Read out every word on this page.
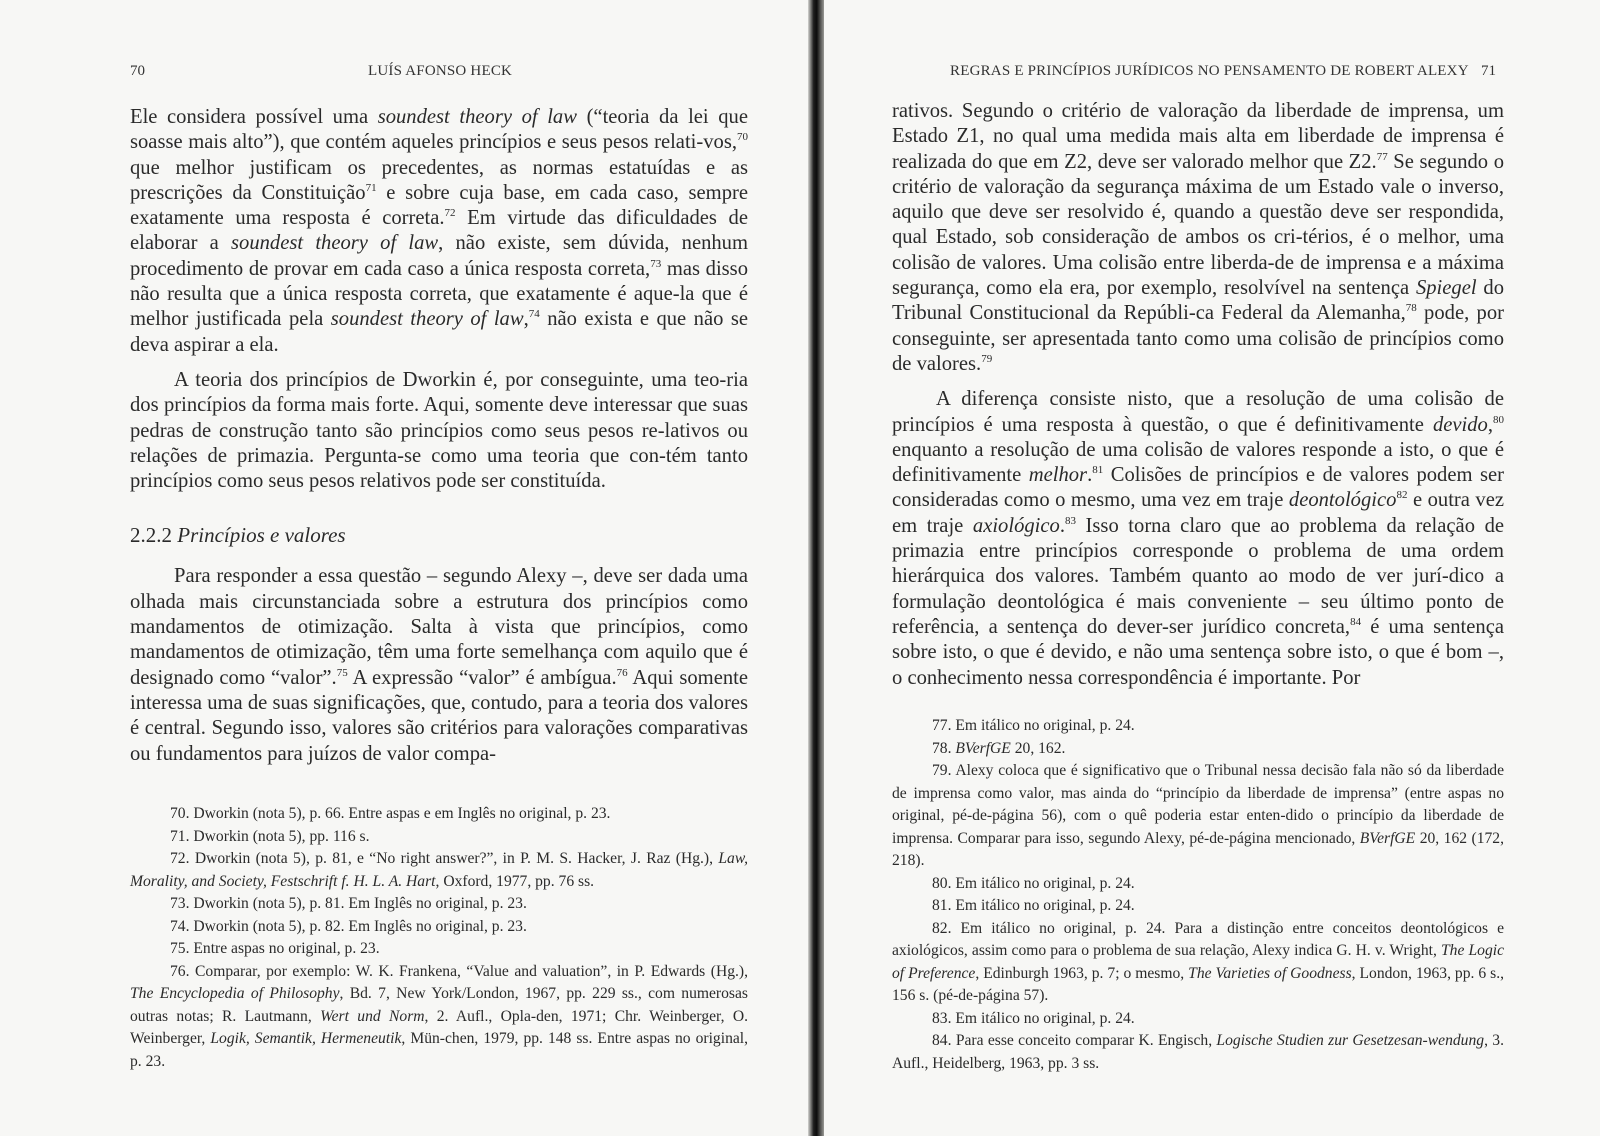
70	LUÍS AFONSO HECK

Ele considera possível uma soundest theory of law (“teoria da lei que soasse mais alto”), que contém aqueles princípios e seus pesos relati-vos,$^{70}$ que melhor justificam os precedentes, as normas estatuídas e as prescrições da Constituição$^{71}$ e sobre cuja base, em cada caso, sempre exatamente uma resposta é correta.$^{72}$ Em virtude das dificuldades de elaborar a soundest theory of law, não existe, sem dúvida, nenhum procedimento de provar em cada caso a única resposta correta,$^{73}$ mas disso não resulta que a única resposta correta, que exatamente é aque-la que é melhor justificada pela soundest theory of law,$^{74}$ não exista e que não se deva aspirar a ela.

A teoria dos princípios de Dworkin é, por conseguinte, uma teo-ria dos princípios da forma mais forte. Aqui, somente deve interessar que suas pedras de construção tanto são princípios como seus pesos re-lativos ou relações de primazia. Pergunta-se como uma teoria que con-tém tanto princípios como seus pesos relativos pode ser constituída.

2.2.2 Princípios e valores

Para responder a essa questão – segundo Alexy –, deve ser dada uma olhada mais circunstanciada sobre a estrutura dos princípios como mandamentos de otimização. Salta à vista que princípios, como mandamentos de otimização, têm uma forte semelhança com aquilo que é designado como “valor”.$^{75}$ A expressão “valor” é ambígua.$^{76}$ Aqui somente interessa uma de suas significações, que, contudo, para a teoria dos valores é central. Segundo isso, valores são critérios para valorações comparativas ou fundamentos para juízos de valor compa-

70. Dworkin (nota 5), p. 66. Entre aspas e em Inglês no original, p. 23.

71. Dworkin (nota 5), pp. 116 s.

72. Dworkin (nota 5), p. 81, e “No right answer?”, in P. M. S. Hacker, J. Raz (Hg.), Law, Morality, and Society, Festschrift f. H. L. A. Hart, Oxford, 1977, pp. 76 ss.

73. Dworkin (nota 5), p. 81. Em Inglês no original, p. 23.

74. Dworkin (nota 5), p. 82. Em Inglês no original, p. 23.

75. Entre aspas no original, p. 23.

76. Comparar, por exemplo: W. K. Frankena, “Value and valuation”, in P. Edwards (Hg.), The Encyclopedia of Philosophy, Bd. 7, New York/London, 1967, pp. 229 ss., com numerosas outras notas; R. Lautmann, Wert und Norm, 2. Aufl., Opla-den, 1971; Chr. Weinberger, O. Weinberger, Logik, Semantik, Hermeneutik, Mün-chen, 1979, pp. 148 ss. Entre aspas no original, p. 23.

REGRAS E PRINCÍPIOS JURÍDICOS NO PENSAMENTO DE ROBERT ALEXY 71

rativos. Segundo o critério de valoração da liberdade de imprensa, um Estado Z1, no qual uma medida mais alta em liberdade de imprensa é realizada do que em Z2, deve ser valorado melhor que Z2.77 Se segundo o critério de valoração da segurança máxima de um Estado vale o inverso, aquilo que deve ser resolvido é, quando a questão deve ser respondida, qual Estado, sob consideração de ambos os cri-térios, é o melhor, uma colisão de valores. Uma colisão entre liberda-de de imprensa e a máxima segurança, como ela era, por exemplo, resolvível na sentença Spiegel do Tribunal Constitucional da Repúbli-ca Federal da Alemanha,$^{78}$ pode, por conseguinte, ser apresentada tanto como uma colisão de princípios como de valores.$^{79}$

A diferença consiste nisto, que a resolução de uma colisão de princípios é uma resposta à questão, o que é definitivamente devido,$^{80}$ enquanto a resolução de uma colisão de valores responde a isto, o que é definitivamente melhor.$^{81}$ Colisões de princípios e de valores podem ser consideradas como o mesmo, uma vez em traje deontológico$^{82}$ e outra vez em traje axiológico.$^{83}$ Isso torna claro que ao problema da relação de primazia entre princípios corresponde o problema de uma ordem hierárquica dos valores. Também quanto ao modo de ver jurí-dico a formulação deontológica é mais conveniente – seu último ponto de referência, a sentença do dever-ser jurídico concreta,$^{84}$ é uma sentença sobre isto, o que é devido, e não uma sentença sobre isto, o que é bom –, o conhecimento nessa correspondência é importante. Por

77. Em itálico no original, p. 24.

78. BVerfGE 20, 162.

79. Alexy coloca que é significativo que o Tribunal nessa decisão fala não só da liberdade de imprensa como valor, mas ainda do “princípio da liberdade de imprensa” (entre aspas no original, pé-de-página 56), com o quê poderia estar enten-dido o princípio da liberdade de imprensa. Comparar para isso, segundo Alexy, pé-de-página mencionado, BVerfGE 20, 162 (172, 218).

80. Em itálico no original, p. 24.

81. Em itálico no original, p. 24.

82. Em itálico no original, p. 24. Para a distinção entre conceitos deontológicos e axiológicos, assim como para o problema de sua relação, Alexy indica G. H. v. Wright, The Logic of Preference, Edinburgh 1963, p. 7; o mesmo, The Varieties of Goodness, London, 1963, pp. 6 s., 156 s. (pé-de-página 57).

83. Em itálico no original, p. 24.

84. Para esse conceito comparar K. Engisch, Logische Studien zur Gesetzesan-wendung, 3. Aufl., Heidelberg, 1963, pp. 3 ss.
